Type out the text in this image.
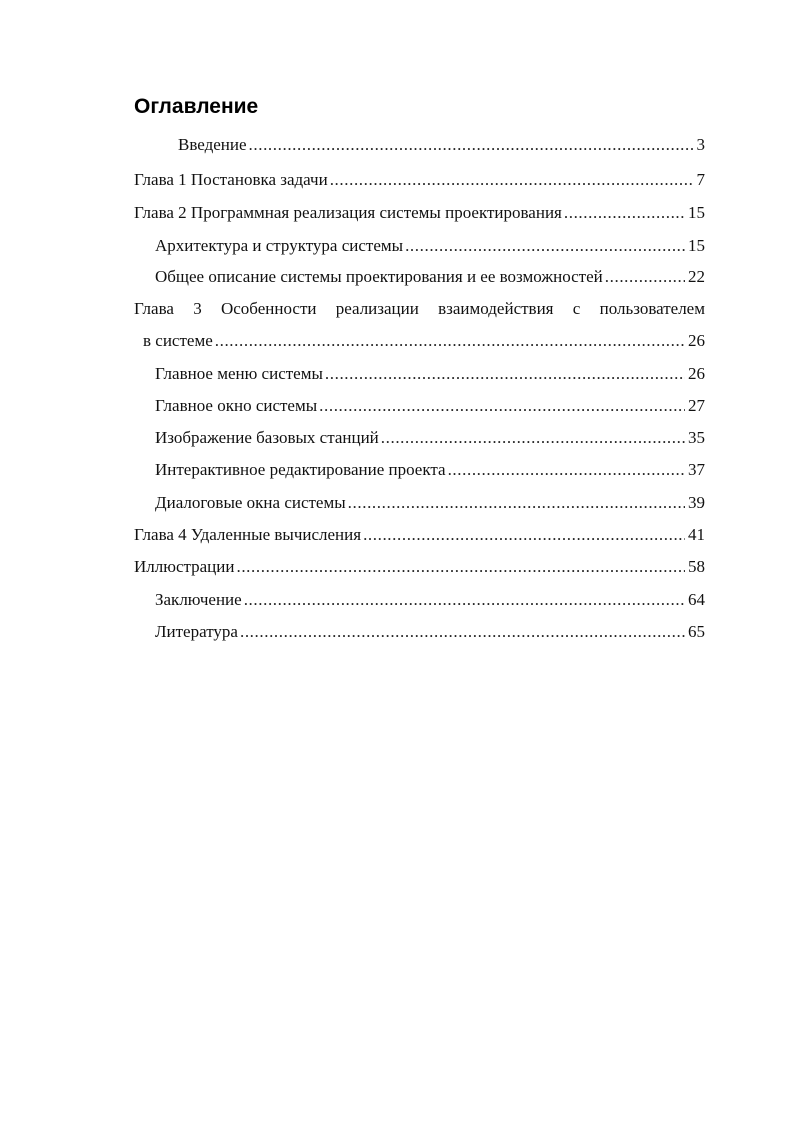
Оглавление
Введение .....	3
Глава 1 Постановка задачи .....	7
Глава 2 Программная реализация системы проектирования .....	15
Архитектура и структура системы .....	15
Общее описание системы проектирования и ее возможностей .....	22
Глава 3 Особенности реализации взаимодействия с пользователем
в системе .....	26
Главное меню системы .....	26
Главное окно системы .....	27
Изображение базовых станций .....	35
Интерактивное редактирование проекта .....	37
Диалоговые окна системы .....	39
Глава 4 Удаленные вычисления .....	41
Иллюстрации .....	58
Заключение .....	64
Литература .....	65
